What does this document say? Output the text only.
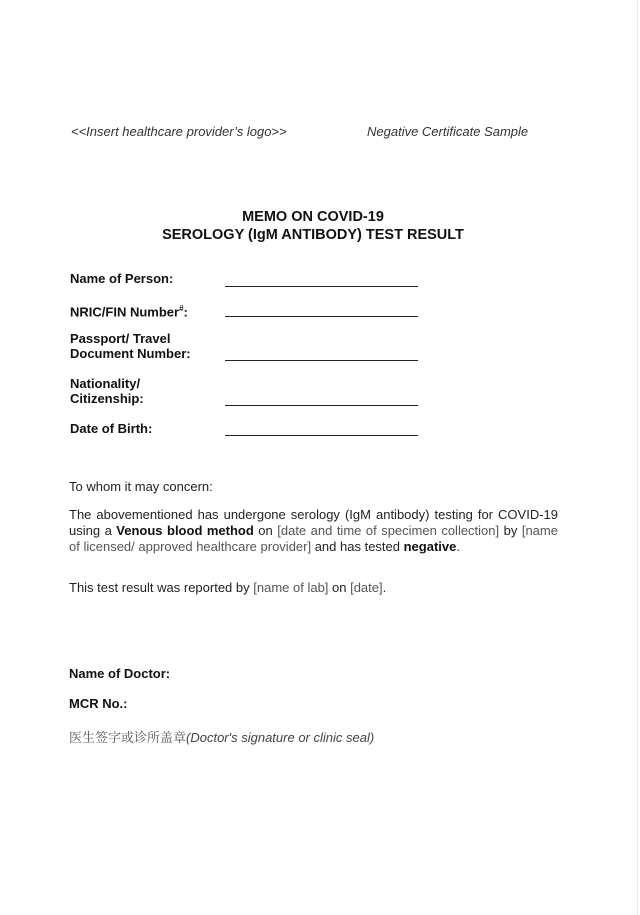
<<Insert healthcare provider’s logo>>	Negative Certificate Sample
MEMO ON COVID-19
SEROLOGY (IgM ANTIBODY) TEST RESULT
Name of Person:
NRIC/FIN Number#:
Passport/ Travel
Document Number:
Nationality/
Citizenship:
Date of Birth:
To whom it may concern:
The abovementioned has undergone serology (IgM antibody) testing for COVID-19 using a Venous blood method on [date and time of specimen collection] by [name of licensed/ approved healthcare provider] and has tested negative.
This test result was reported by [name of lab] on [date].
Name of Doctor:
MCR No.:
医生签字或诊所盖章(Doctor's signature or clinic seal)
